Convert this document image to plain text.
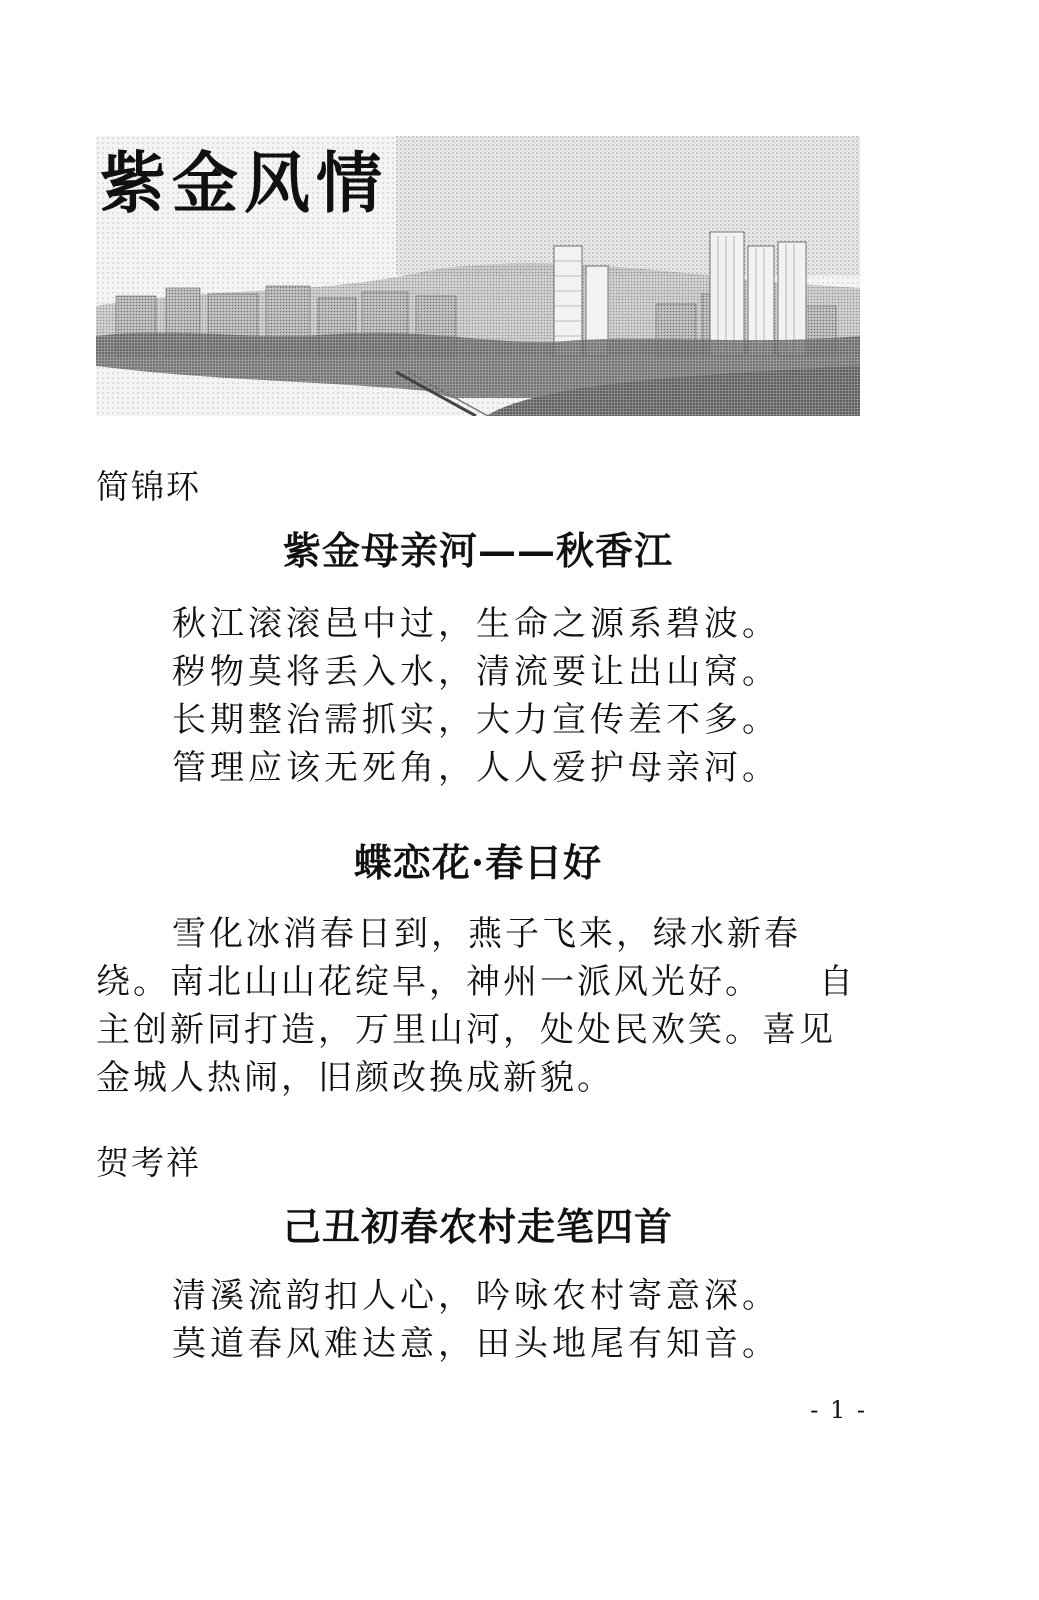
紫金风情
简锦环
紫金母亲河——秋香江
秋江滚滚邑中过，生命之源系碧波。
秽物莫将丢入水，清流要让出山窝。
长期整治需抓实，大力宣传差不多。
管理应该无死角，人人爱护母亲河。
蝶恋花·春日好

雪化冰消春日到，燕子飞来，绿水新春绕。南北山山花绽早，神州一派风光好。　　自主创新同打造，万里山河，处处民欢笑。喜见金城人热闹，旧颜改换成新貌。

贺考祥
己丑初春农村走笔四首
清溪流韵扣人心，吟咏农村寄意深。
莫道春风难达意，田头地尾有知音。
- 1 -
